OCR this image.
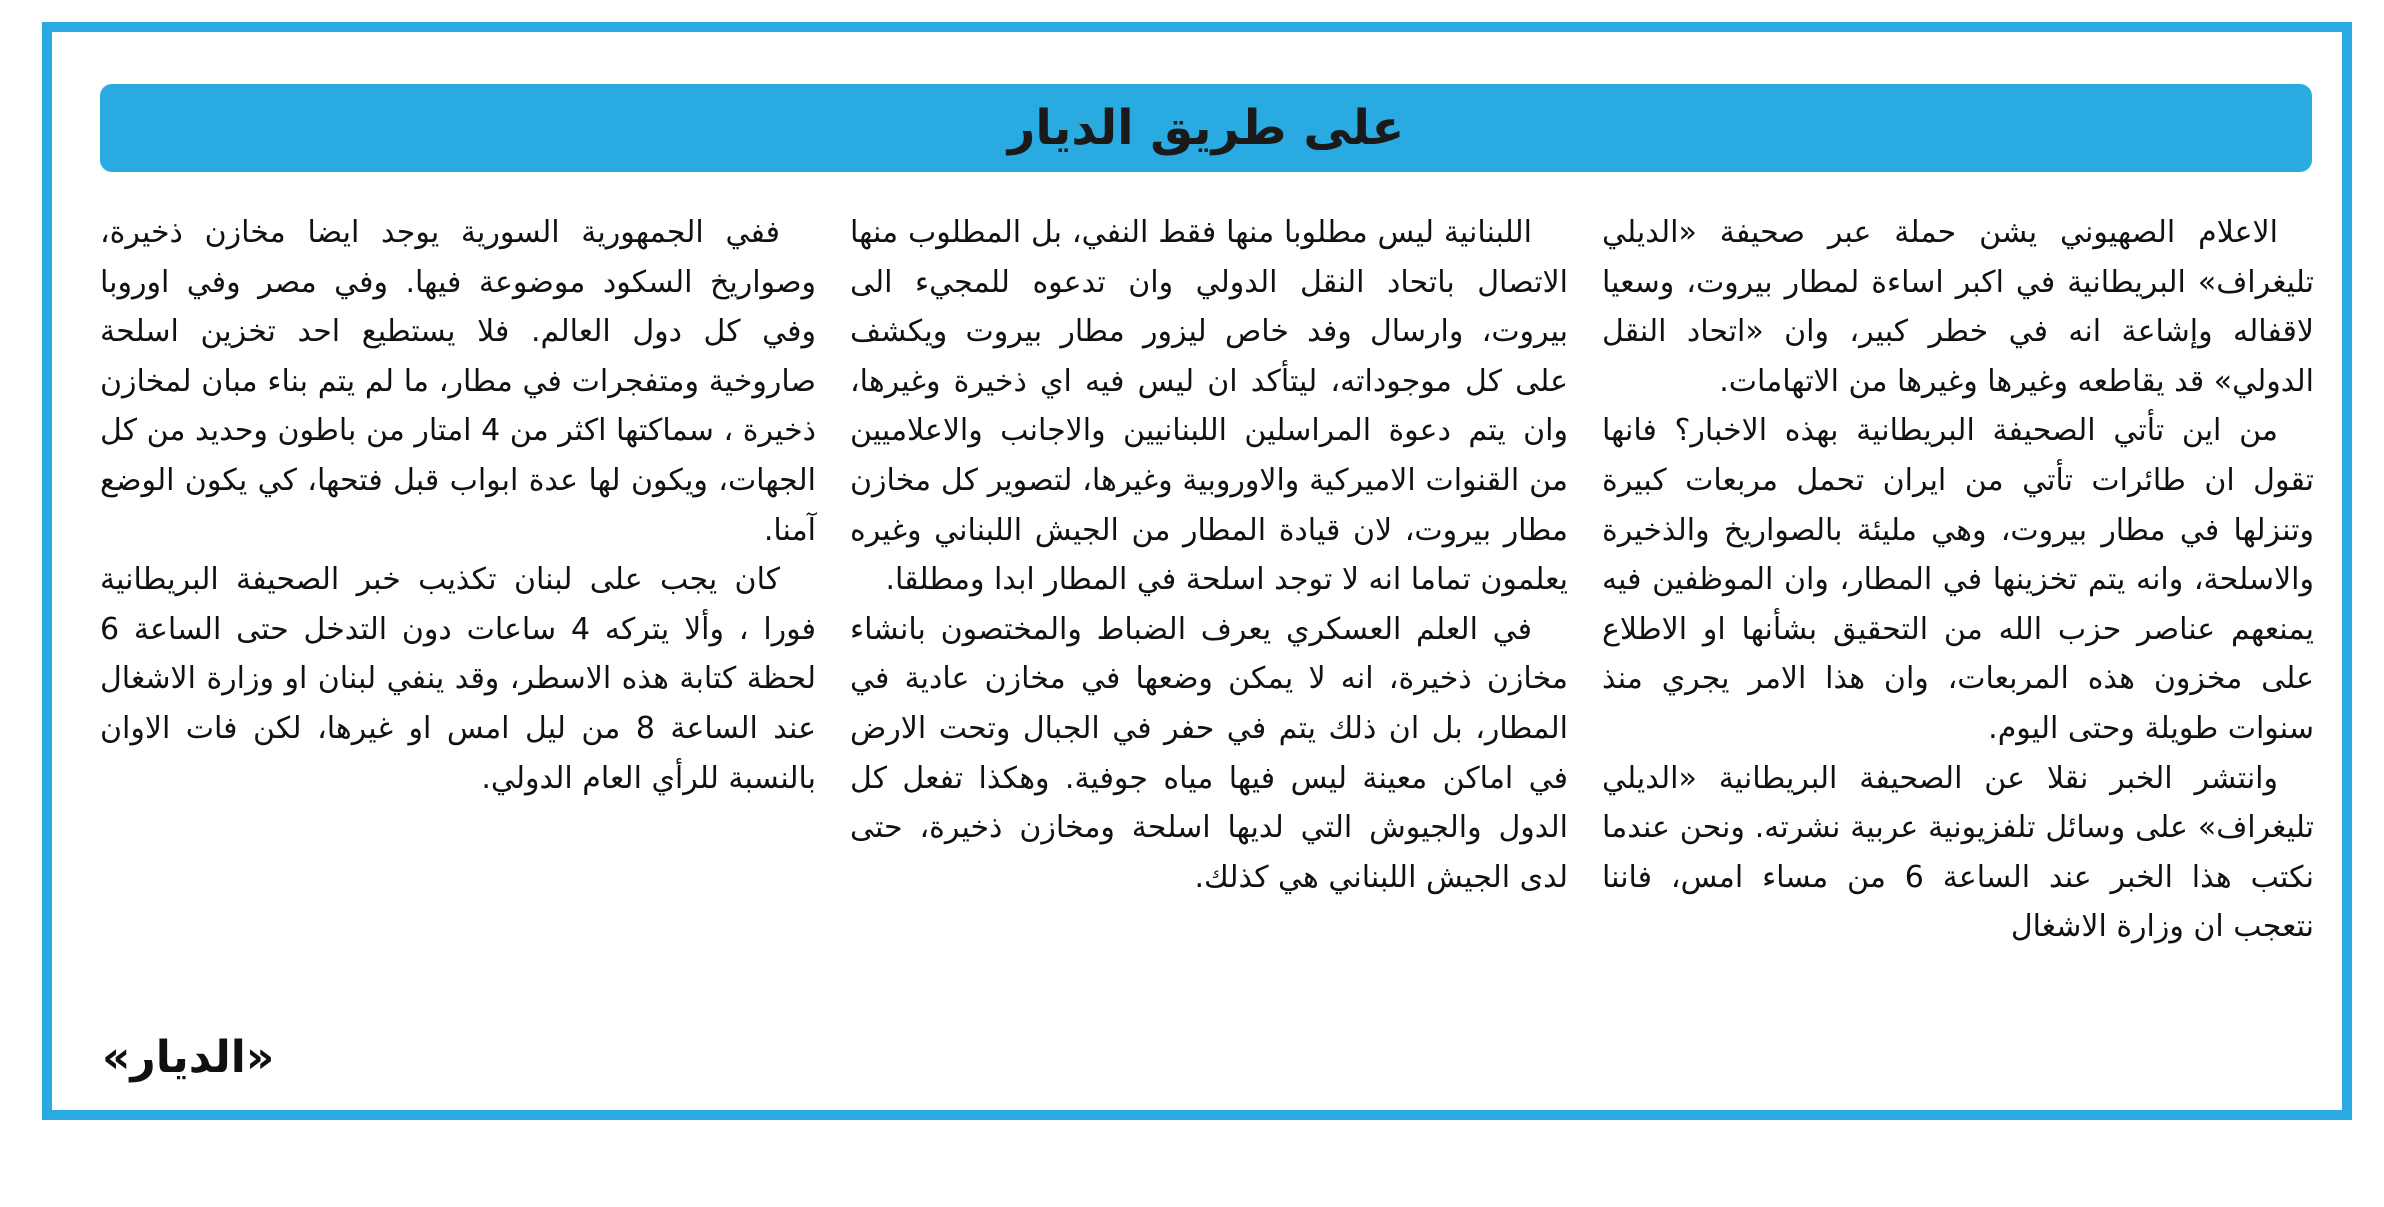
على طريق الديار

الاعلام الصهيوني يشن حملة عبر صحيفة «الديلي تليغراف» البريطانية في اكبر اساءة لمطار بيروت، وسعيا لاقفاله وإشاعة انه في خطر كبير، وان «اتحاد النقل الدولي» قد يقاطعه وغيرها وغيرها من الاتهامات.

من اين تأتي الصحيفة البريطانية بهذه الاخبار؟ فانها تقول ان طائرات تأتي من ايران تحمل مربعات كبيرة وتنزلها في مطار بيروت، وهي مليئة بالصواريخ والذخيرة والاسلحة، وانه يتم تخزينها في المطار، وان الموظفين فيه يمنعهم عناصر حزب الله من التحقيق بشأنها او الاطلاع على مخزون هذه المربعات، وان هذا الامر يجري منذ سنوات طويلة وحتى اليوم.

وانتشر الخبر نقلا عن الصحيفة البريطانية «الديلي تليغراف» على وسائل تلفزيونية عربية نشرته. ونحن عندما نكتب هذا الخبر عند الساعة 6 من مساء امس، فاننا نتعجب ان وزارة الاشغال

اللبنانية ليس مطلوبا منها فقط النفي، بل المطلوب منها الاتصال باتحاد النقل الدولي وان تدعوه للمجيء الى بيروت، وارسال وفد خاص ليزور مطار بيروت ويكشف على كل موجوداته، ليتأكد ان ليس فيه اي ذخيرة وغيرها، وان يتم دعوة المراسلين اللبنانيين والاجانب والاعلاميين من القنوات الاميركية والاوروبية وغيرها، لتصوير كل مخازن مطار بيروت، لان قيادة المطار من الجيش اللبناني وغيره يعلمون تماما انه لا توجد اسلحة في المطار ابدا ومطلقا.

في العلم العسكري يعرف الضباط والمختصون بانشاء مخازن ذخيرة، انه لا يمكن وضعها في مخازن عادية في المطار، بل ان ذلك يتم في حفر في الجبال وتحت الارض في اماكن معينة ليس فيها مياه جوفية. وهكذا تفعل كل الدول والجيوش التي لديها اسلحة ومخازن ذخيرة، حتى لدى الجيش اللبناني هي كذلك.

ففي الجمهورية السورية يوجد ايضا مخازن ذخيرة، وصواريخ السكود موضوعة فيها. وفي مصر وفي اوروبا وفي كل دول العالم. فلا يستطيع احد تخزين اسلحة صاروخية ومتفجرات في مطار، ما لم يتم بناء مبان لمخازن ذخيرة ، سماكتها اكثر من 4 امتار من باطون وحديد من كل الجهات، ويكون لها عدة ابواب قبل فتحها، كي يكون الوضع آمنا.

كان يجب على لبنان تكذيب خبر الصحيفة البريطانية فورا ، وألا يتركه 4 ساعات دون التدخل حتى الساعة 6 لحظة كتابة هذه الاسطر، وقد ينفي لبنان او وزارة الاشغال عند الساعة 8 من ليل امس او غيرها، لكن فات الاوان بالنسبة للرأي العام الدولي.

«الديار»
